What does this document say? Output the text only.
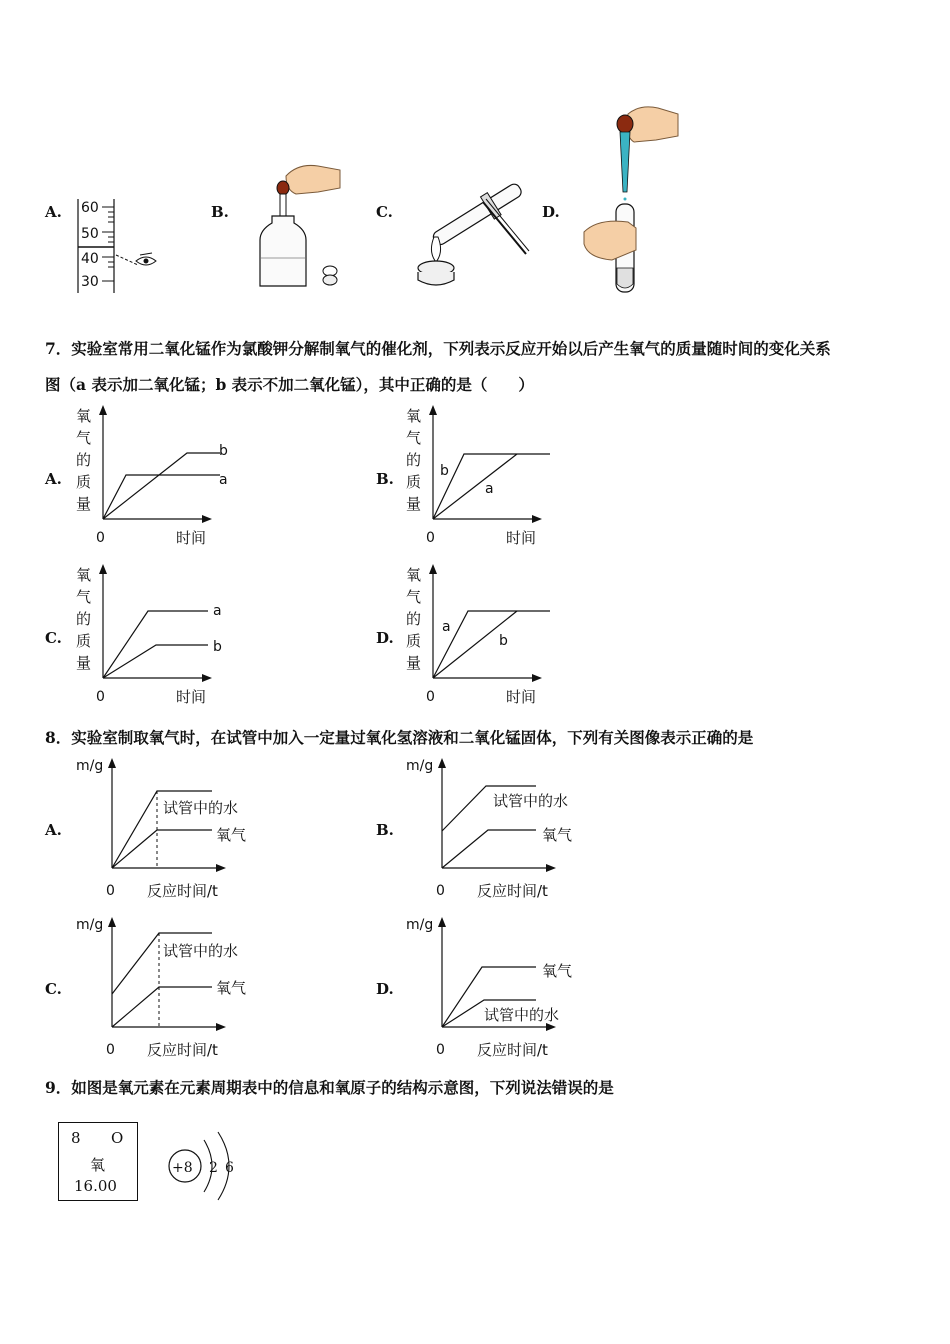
A.	B.	C.	D.
60
50
40
30
7．实验室常用二氧化锰作为氯酸钾分解制氧气的催化剂，下列表示反应开始以后产生氧气的质量随时间的变化关系
图（a 表示加二氧化锰；b 表示不加二氧化锰），其中正确的是（　　）
A.
氧
气
的
质
量
b
a
0	时间
B.
氧
气
的
质
量
b
a
0	时间
C.
氧
气
的
质
量
a
b
0	时间
D.
氧
气
的
质
量
a
b
0	时间
8．实验室制取氧气时，在试管中加入一定量过氧化氢溶液和二氧化锰固体，下列有关图像表示正确的是
A.
m/g
试管中的水
氧气
0 反应时间/t
B.
m/g
试管中的水
氧气
0 反应时间/t
C.
m/g
试管中的水
氧气
0 反应时间/t
D.
m/g
氧气
试管中的水
0 反应时间/t
9．如图是氧元素在元素周期表中的信息和氧原子的结构示意图，下列说法错误的是
8 O
氧
16.00
+8 2 6
